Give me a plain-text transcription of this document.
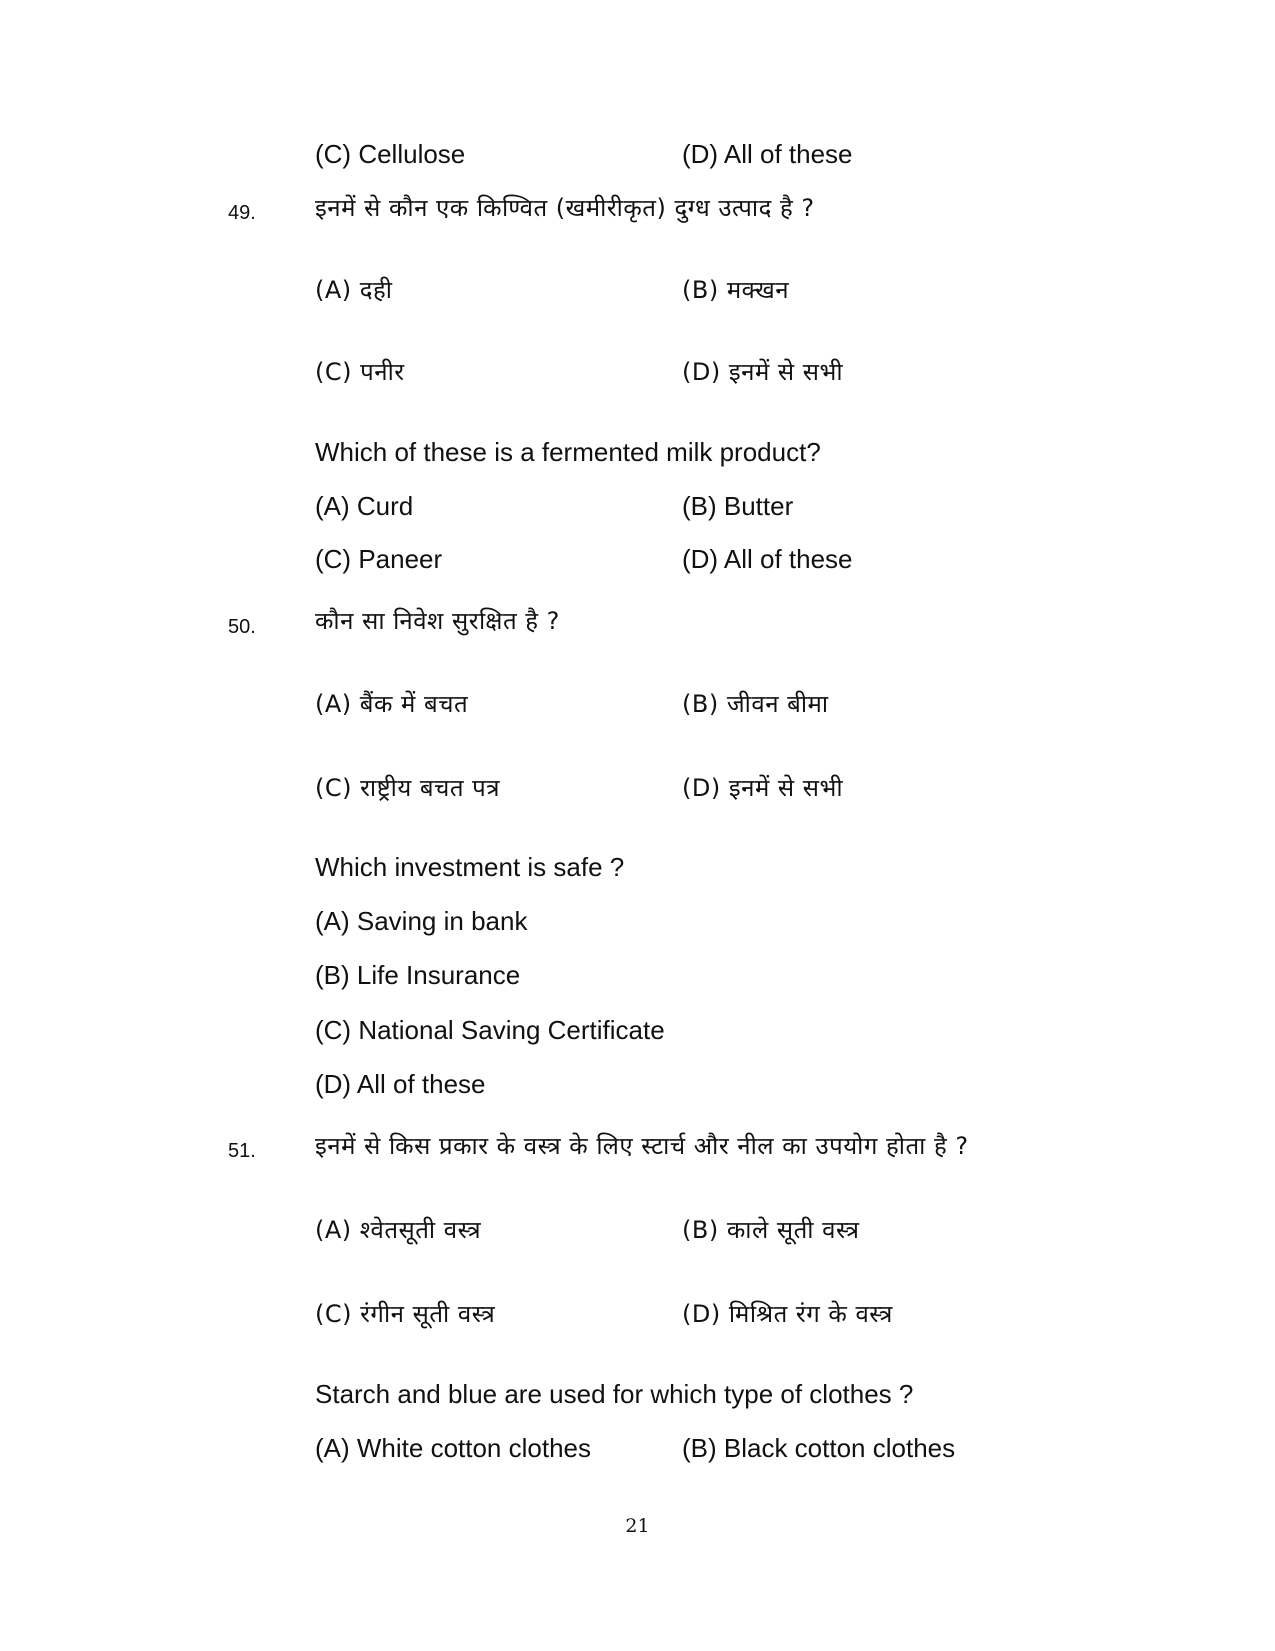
(C) Cellulose	(D) All of these
49. इनमें से कौन एक किण्वित (खमीरीकृत) दुग्ध उत्पाद है ?
(A) दही	(B) मक्खन
(C) पनीर	(D) इनमें से सभी
Which of these is a fermented milk product?
(A) Curd	(B) Butter
(C) Paneer	(D) All of these
50. कौन सा निवेश सुरक्षित है ?
(A) बैंक में बचत	(B) जीवन बीमा
(C) राष्ट्रीय बचत पत्र	(D) इनमें से सभी
Which investment is safe ?
(A) Saving in bank
(B) Life Insurance
(C) National Saving Certificate
(D) All of these
51. इनमें से किस प्रकार के वस्त्र के लिए स्टार्च और नील का उपयोग होता है ?
(A) श्वेतसूती वस्त्र	(B) काले सूती वस्त्र
(C) रंगीन सूती वस्त्र	(D) मिश्रित रंग के वस्त्र
Starch and blue are used for which type of clothes ?
(A) White cotton clothes	(B) Black cotton clothes
21
